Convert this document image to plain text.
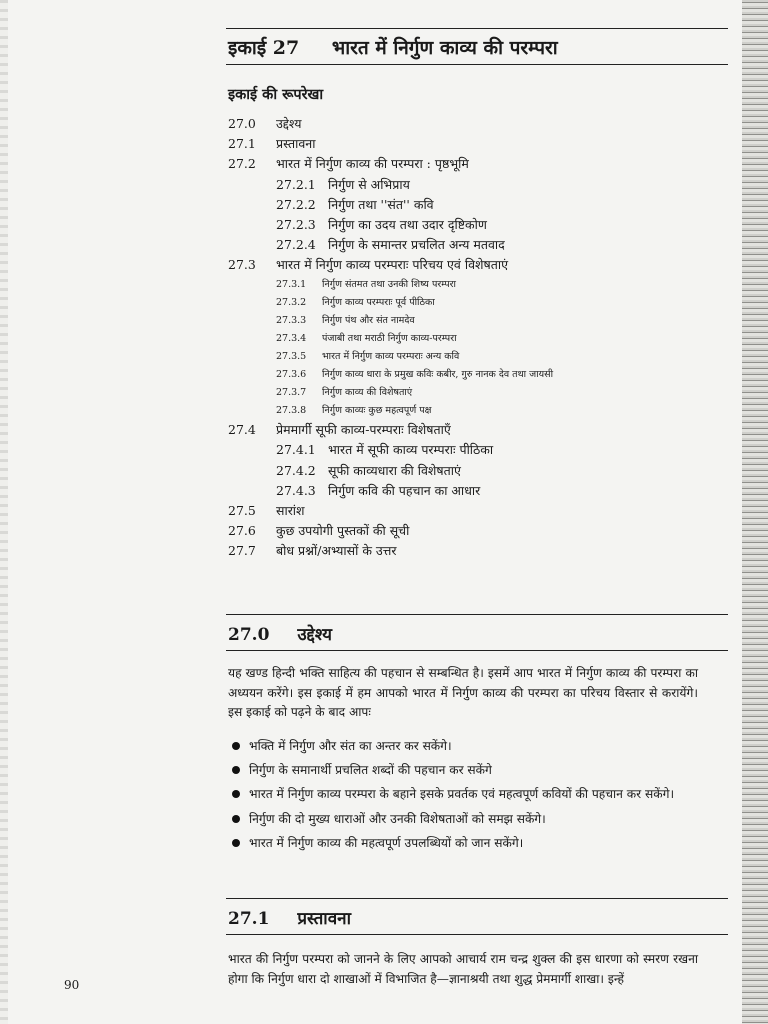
इकाई 27 भारत में निर्गुण काव्य की परम्परा
इकाई की रूपरेखा
27.0	उद्देश्य
27.1	प्रस्तावना
27.2	भारत में निर्गुण काव्य की परम्परा : पृष्ठभूमि
27.2.1 निर्गुण से अभिप्राय
27.2.2 निर्गुण तथा ''संत'' कवि
27.2.3 निर्गुण का उदय तथा उदार दृष्टिकोण
27.2.4 निर्गुण के समान्तर प्रचलित अन्य मतवाद
27.3	भारत में निर्गुण काव्य परम्पराः परिचय एवं विशेषताएं
27.3.1	निर्गुण संतमत तथा उनकी शिष्य परम्परा
27.3.2	निर्गुण काव्य परम्पराः पूर्व पीठिका
27.3.3	निर्गुण पंथ और संत नामदेव
27.3.4	पंजाबी तथा मराठी निर्गुण काव्य-परम्परा
27.3.5	भारत में निर्गुण काव्य परम्पराः अन्य कवि
27.3.6	निर्गुण काव्य धारा के प्रमुख कविः कबीर, गुरु नानक देव तथा जायसी
27.3.7	निर्गुण काव्य की विशेषताएं
27.3.8	निर्गुण काव्यः कुछ महत्वपूर्ण पक्ष
27.4	प्रेममार्गी सूफी काव्य-परम्पराः विशेषताएँ
27.4.1 भारत में सूफी काव्य परम्पराः पीठिका
27.4.2 सूफी काव्यधारा की विशेषताएं
27.4.3 निर्गुण कवि की पहचान का आधार
27.5	सारांश
27.6	कुछ उपयोगी पुस्तकों की सूची
27.7	बोध प्रश्नों/अभ्यासों के उत्तर
27.0 उद्देश्य
यह खण्ड हिन्दी भक्ति साहित्य की पहचान से सम्बन्धित है। इसमें आप भारत में निर्गुण काव्य की परम्परा का अध्ययन करेंगे। इस इकाई में हम आपको भारत में निर्गुण काव्य की परम्परा का परिचय विस्तार से करायेंगे। इस इकाई को पढ़ने के बाद आपः
भक्ति में निर्गुण और संत का अन्तर कर सकेंगे।
निर्गुण के समानार्थी प्रचलित शब्दों की पहचान कर सकेंगे
भारत में निर्गुण काव्य परम्परा के बहाने इसके प्रवर्तक एवं महत्वपूर्ण कवियों की पहचान कर सकेंगे।
निर्गुण की दो मुख्य धाराओं और उनकी विशेषताओं को समझ सकेंगे।
भारत में निर्गुण काव्य की महत्वपूर्ण उपलब्धियों को जान सकेंगे।
27.1 प्रस्तावना
भारत की निर्गुण परम्परा को जानने के लिए आपको आचार्य राम चन्द्र शुक्ल की इस धारणा को स्मरण रखना होगा कि निर्गुण धारा दो शाखाओं में विभाजित है—ज्ञानाश्रयी तथा शुद्ध प्रेममार्गी शाखा। इन्हें
90
